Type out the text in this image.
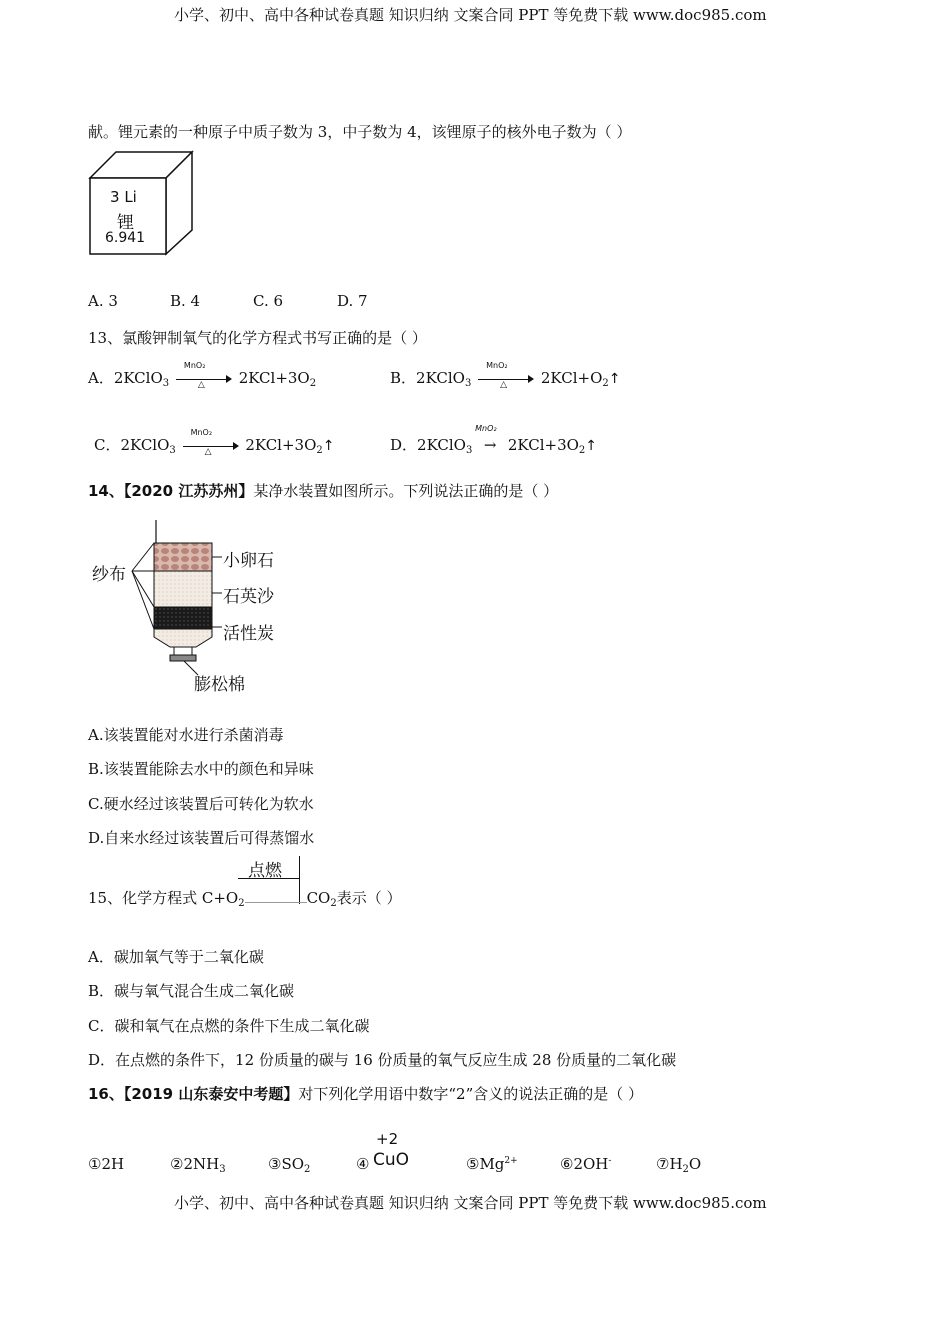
小学、初中、高中各种试卷真题 知识归纳 文案合同 PPT 等免费下载 www.doc985.com
献。锂元素的一种原子中质子数为 3，中子数为 4，该锂原子的核外电子数为（ ）
3 Li
锂
6.941
A. 3	B. 4	C. 6	D. 7
13、氯酸钾制氧气的化学方程式书写正确的是（ ）
A．2KClO$_3$
MnO₂
△ $2KCl+3O_2$	B．2KClO$_3$
MnO₂
△ $2KCl+O_2↑$
C．2KClO$_3$
MnO₂
△ $2KCl+3O_2↑$	D．2KClO$_3$
MnO₂
→ $2KCl+3O_2↑$
14、【2020 江苏苏州】某净水装置如图所示。下列说法正确的是（ ）
纱布
小卵石
石英沙
活性炭
膨松棉
A.该装置能对水进行杀菌消毒
B.该装置能除去水中的颜色和异味
C.硬水经过该装置后可转化为软水
D.自来水经过该装置后可得蒸馏水
点燃
15、化学方程式 $C+O_2$	$CO_2$表示（ ）
A．碳加氧气等于二氧化碳
B．碳与氧气混合生成二氧化碳
C．碳和氧气在点燃的条件下生成二氧化碳
D．在点燃的条件下，12 份质量的碳与 16 份质量的氧气反应生成 28 份质量的二氧化碳
16、【2019 山东泰安中考题】对下列化学用语中数字“2”含义的说法正确的是（ ）
①2H	$②2NH_3$	$③SO_2$	④
+2
CuO	$⑤Mg^{2+}$	⑥2OH-	$⑦H_2O$
小学、初中、高中各种试卷真题 知识归纳 文案合同 PPT 等免费下载 www.doc985.com
